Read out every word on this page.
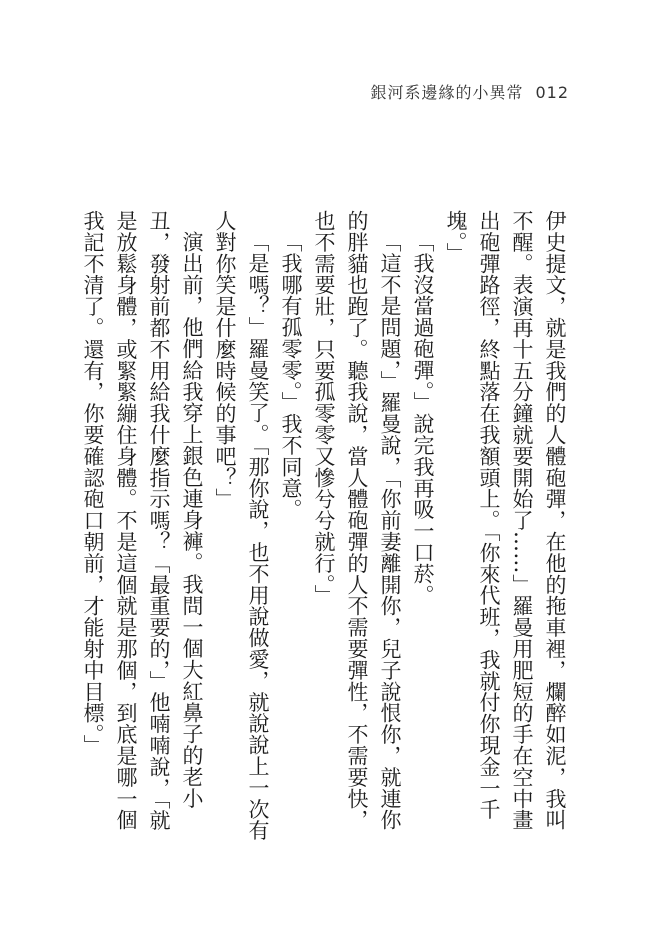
銀河系邊緣的小異常 012

伊史提文，就是我們的人體砲彈，在他的拖車裡，爛醉如泥，我叫不醒。表演再十五分鐘就要開始了……」羅曼用肥短的手在空中畫出砲彈路徑，終點落在我額頭上。「你來代班，我就付你現金一千塊。」

「我沒當過砲彈。」說完我再吸一口菸。

「這不是問題，」羅曼說，「你前妻離開你，兒子說恨你，就連你的胖貓也跑了。聽我說，當人體砲彈的人不需要彈性，不需要快，也不需要壯，只要孤零零又慘兮兮就行。」

「我哪有孤零零。」我不同意。

「是嗎？」羅曼笑了。「那你說，也不用說做愛，就說說上一次有人對你笑是什麼時候的事吧？」

演出前，他們給我穿上銀色連身褲。我問一個大紅鼻子的老小丑，發射前都不用給我什麼指示嗎？「最重要的，」他喃喃說，「就是放鬆身體，或緊緊繃住身體。不是這個就是那個，到底是哪一個我記不清了。還有，你要確認砲口朝前，才能射中目標。」
